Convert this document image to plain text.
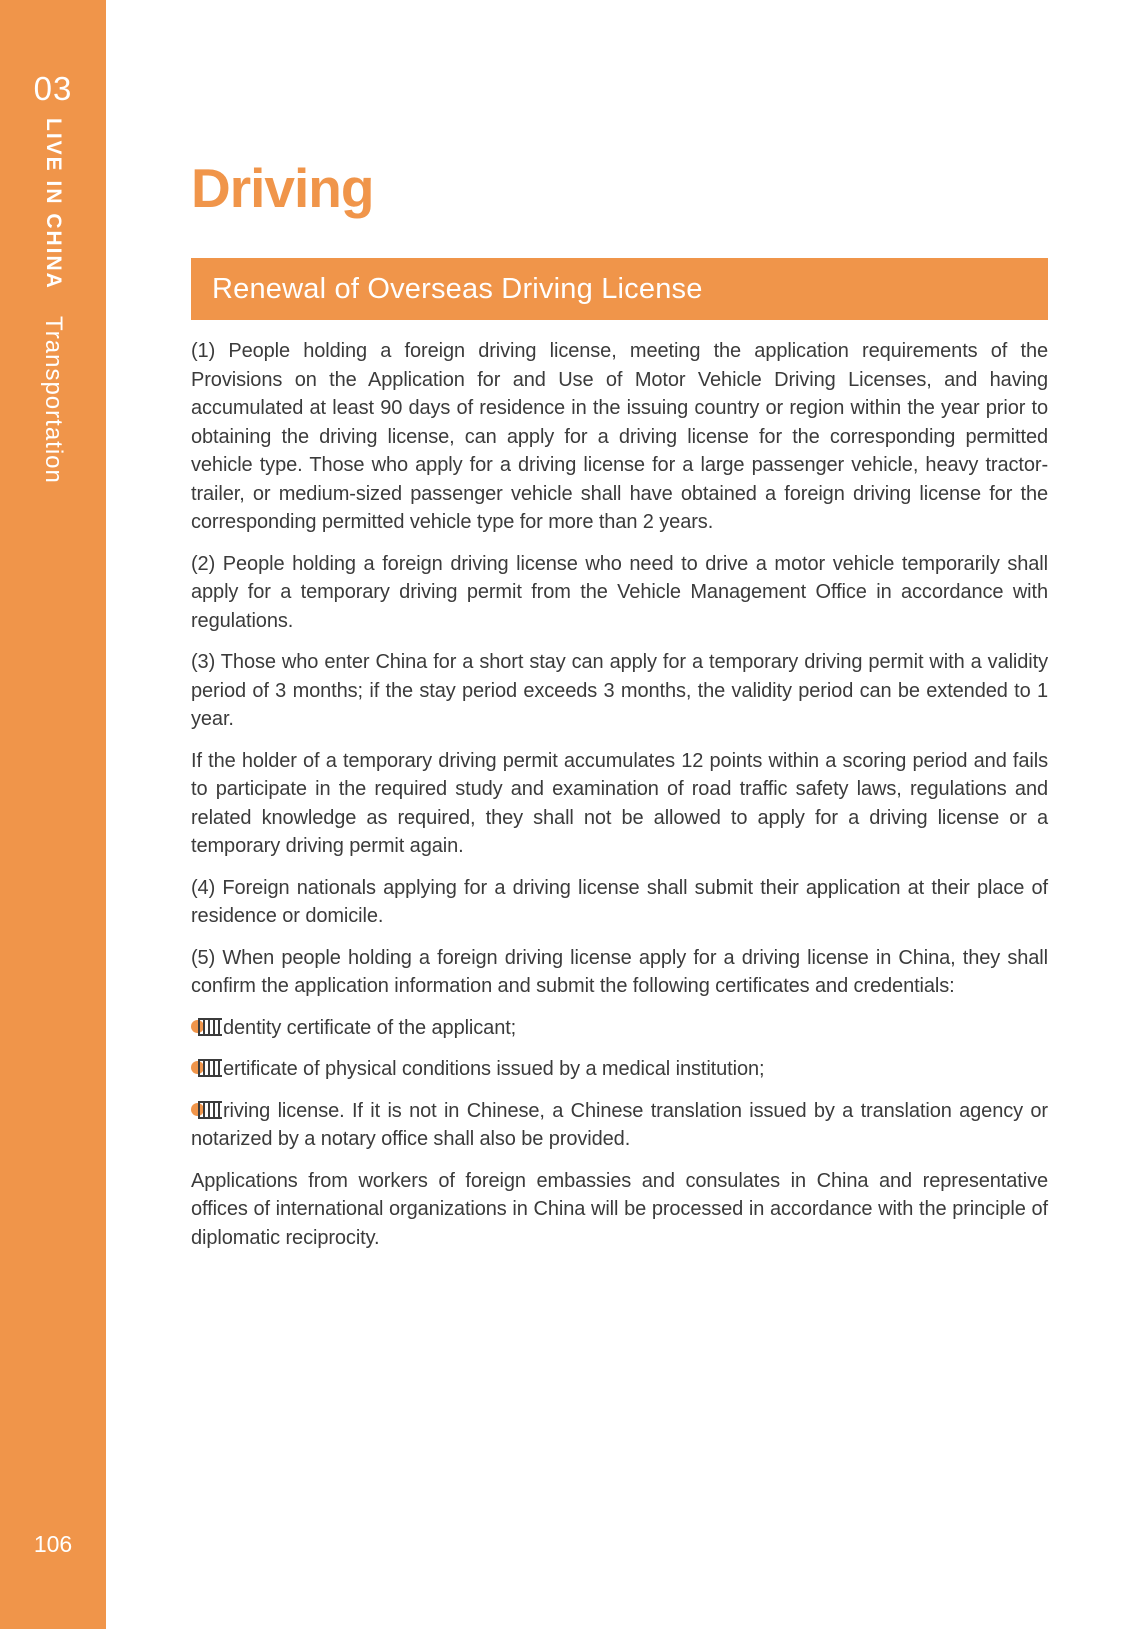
03
LIVE IN CHINA
Transportation
106
Driving
Renewal of Overseas Driving License

(1) People holding a foreign driving license, meeting the application requirements of the Provisions on the Application for and Use of Motor Vehicle Driving Licenses, and having accumulated at least 90 days of residence in the issuing country or region within the year prior to obtaining the driving license, can apply for a driving license for the corresponding permitted vehicle type. Those who apply for a driving license for a large passenger vehicle, heavy tractor-trailer, or medium-sized passenger vehicle shall have obtained a foreign driving license for the corresponding permitted vehicle type for more than 2 years.

(2) People holding a foreign driving license who need to drive a motor vehicle temporarily shall apply for a temporary driving permit from the Vehicle Management Office in accordance with regulations.

(3) Those who enter China for a short stay can apply for a temporary driving permit with a validity period of 3 months; if the stay period exceeds 3 months, the validity period can be extended to 1 year.

If the holder of a temporary driving permit accumulates 12 points within a scoring period and fails to participate in the required study and examination of road traffic safety laws, regulations and related knowledge as required, they shall not be allowed to apply for a driving license or a temporary driving permit again.

(4) Foreign nationals applying for a driving license shall submit their application at their place of residence or domicile.

(5) When people holding a foreign driving license apply for a driving license in China, they shall confirm the application information and submit the following certificates and credentials:

dentity certificate of the applicant;

ertificate of physical conditions issued by a medical institution;

riving license. If it is not in Chinese, a Chinese translation issued by a translation agency or notarized by a notary office shall also be provided.

Applications from workers of foreign embassies and consulates in China and representative offices of international organizations in China will be processed in accordance with the principle of diplomatic reciprocity.
